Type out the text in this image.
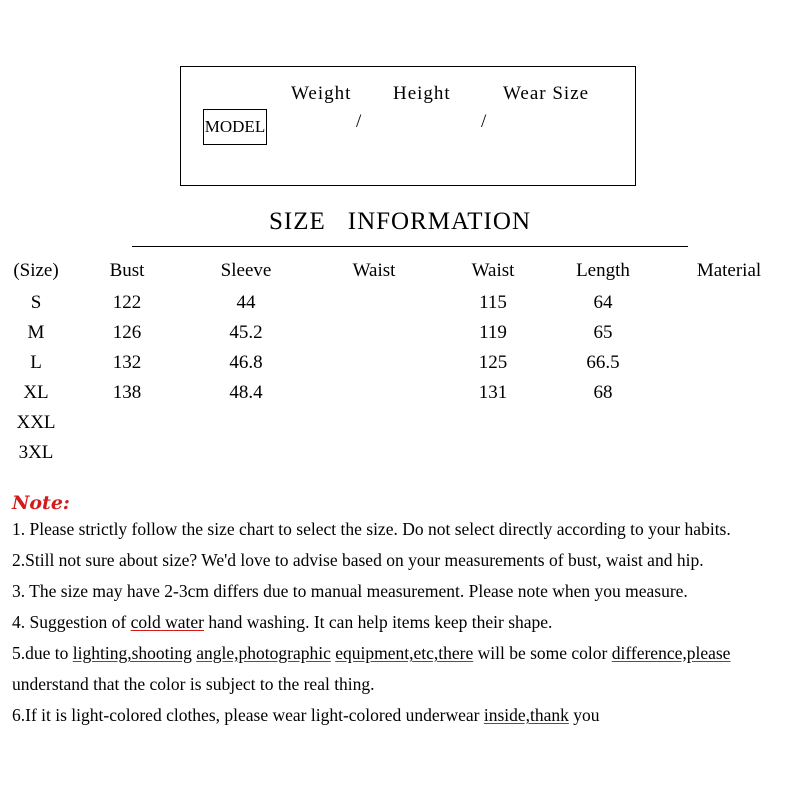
MODEL
Weight Height	Wear Size
/	/
SIZE INFORMATION
(Size)	Bust	Sleeve	Waist	Waist	Length	Material
S	122	44		115	64	
M	126	45.2		119	65	
L	132	46.8		125	66.5	
XL	138	48.4		131	68	
XXL						
3XL						
Note:
1. Please strictly follow the size chart to select the size. Do not select directly according to your habits.
2.Still not sure about size? We'd love to advise based on your measurements of bust, waist and hip.
3. The size may have 2-3cm differs due to manual measurement. Please note when you measure.
4. Suggestion of cold water hand washing. It can help items keep their shape.
5.due to lighting,shooting angle,photographic equipment,etc,there will be some color difference,please
understand that the color is subject to the real thing.
6.If it is light-colored clothes, please wear light-colored underwear inside,thank you
